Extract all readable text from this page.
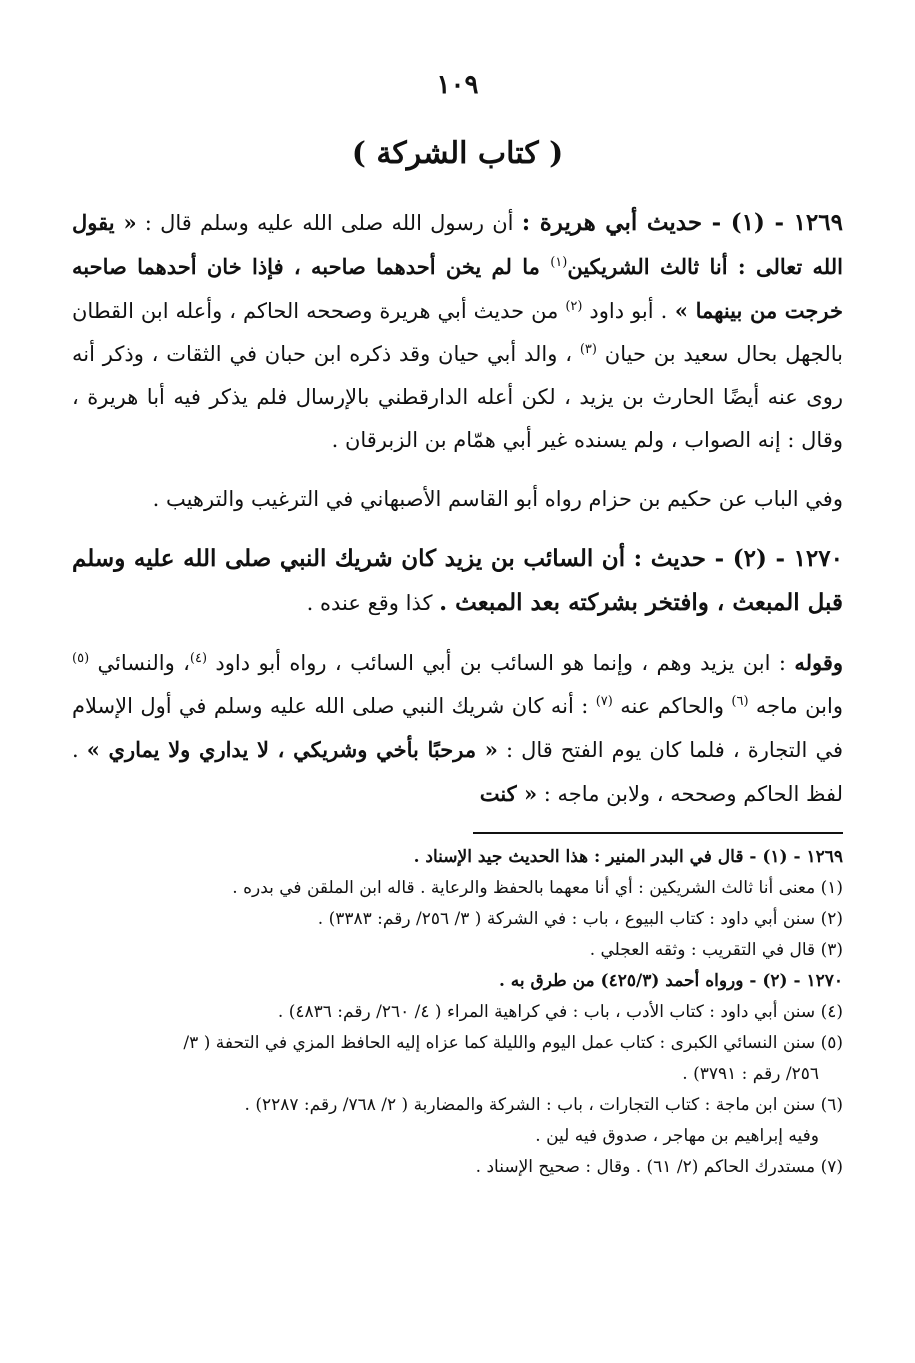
١٠٩
( كتاب الشركة )

١٢٦٩ - (١) - حديث أبي هريرة : أن رسول الله صلى الله عليه وسلم قال : « يقول الله تعالى : أنا ثالث الشريكين$^{(١)}$ ما لم يخن أحدهما صاحبه ، فإذا خان أحدهما صاحبه خرجت من بينهما » . أبو داود $^{(٢)}$ من حديث أبي هريرة وصححه الحاكم ، وأعله ابن القطان بالجهل بحال سعيد بن حيان $^{(٣)}$ ، والد أبي حيان وقد ذكره ابن حبان في الثقات ، وذكر أنه روى عنه أيضًا الحارث بن يزيد ، لكن أعله الدارقطني بالإرسال فلم يذكر فيه أبا هريرة ، وقال : إنه الصواب ، ولم يسنده غير أبي همّام بن الزبرقان .

وفي الباب عن حكيم بن حزام رواه أبو القاسم الأصبهاني في الترغيب والترهيب .

١٢٧٠ - (٢) - حديث : أن السائب بن يزيد كان شريك النبي صلى الله عليه وسلم قبل المبعث ، وافتخر بشركته بعد المبعث . كذا وقع عنده .

وقوله : ابن يزيد وهم ، وإنما هو السائب بن أبي السائب ، رواه أبو داود $^{(٤)}$، والنسائي $^{(٥)}$ وابن ماجه $^{(٦)}$ والحاكم عنه $^{(٧)}$ : أنه كان شريك النبي صلى الله عليه وسلم في أول الإسلام في التجارة ، فلما كان يوم الفتح قال : « مرحبًا بأخي وشريكي ، لا يداري ولا يماري » . لفظ الحاكم وصححه ، ولابن ماجه : « كنت

١٢٦٩ - (١) - قال في البدر المنير : هذا الحديث جيد الإسناد .

(١) معنى أنا ثالث الشريكين : أي أنا معهما بالحفظ والرعاية . قاله ابن الملقن في بدره .

(٢) سنن أبي داود : كتاب البيوع ، باب : في الشركة ( ٣/ ٢٥٦/ رقم: ٣٣٨٣) .

(٣) قال في التقريب : وثقه العجلي .

١٢٧٠ - (٢) - ورواه أحمد (٤٢٥/٣) من طرق به .

(٤) سنن أبي داود : كتاب الأدب ، باب : في كراهية المراء ( ٤/ ٢٦٠/ رقم: ٤٨٣٦) .

(٥) سنن النسائي الكبرى : كتاب عمل اليوم والليلة كما عزاه إليه الحافظ المزي في التحفة ( ٣/

٢٥٦/ رقم : ٣٧٩١) .

(٦) سنن ابن ماجة : كتاب التجارات ، باب : الشركة والمضاربة ( ٢/ ٧٦٨/ رقم: ٢٢٨٧) .

وفيه إبراهيم بن مهاجر ، صدوق فيه لين .

(٧) مستدرك الحاكم (٢/ ٦١) . وقال : صحيح الإسناد .
